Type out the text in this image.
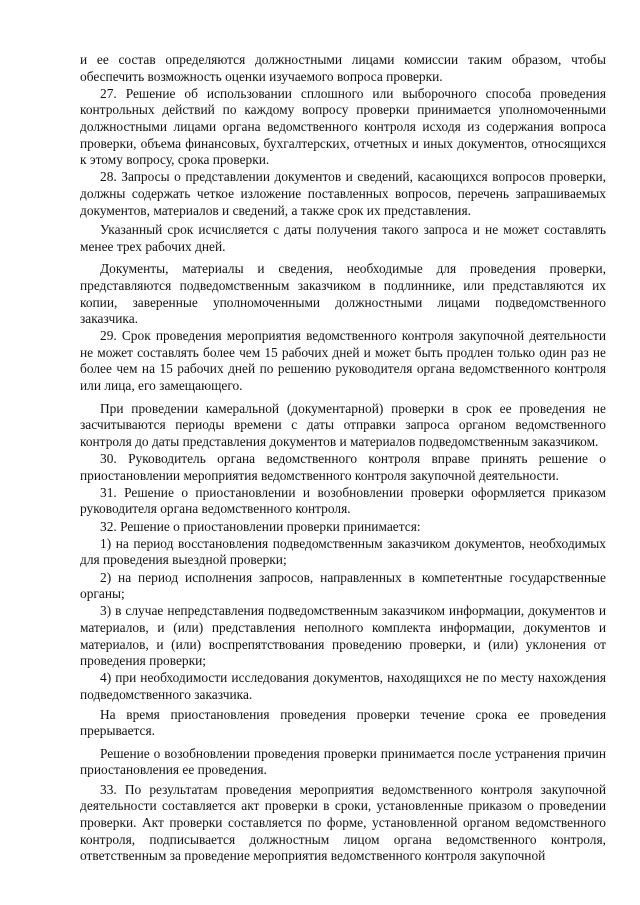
и ее состав определяются должностными лицами комиссии таким образом, чтобы обеспечить возможность оценки изучаемого вопроса проверки.

27. Решение об использовании сплошного или выборочного способа проведения контрольных действий по каждому вопросу проверки принимается уполномоченными должностными лицами органа ведомственного контроля исходя из содержания вопроса проверки, объема финансовых, бухгалтерских, отчетных и иных документов, относящихся к этому вопросу, срока проверки.

28. Запросы о представлении документов и сведений, касающихся вопросов проверки, должны содержать четкое изложение поставленных вопросов, перечень запрашиваемых документов, материалов и сведений, а также срок их представления.

Указанный срок исчисляется с даты получения такого запроса и не может составлять менее трех рабочих дней.

Документы, материалы и сведения, необходимые для проведения проверки, представляются подведомственным заказчиком в подлиннике, или представляются их копии, заверенные уполномоченными должностными лицами подведомственного заказчика.

29. Срок проведения мероприятия ведомственного контроля закупочной деятельности не может составлять более чем 15 рабочих дней и может быть продлен только один раз не более чем на 15 рабочих дней по решению руководителя органа ведомственного контроля или лица, его замещающего.

При проведении камеральной (документарной) проверки в срок ее проведения не засчитываются периоды времени с даты отправки запроса органом ведомственного контроля до даты представления документов и материалов подведомственным заказчиком.

30. Руководитель органа ведомственного контроля вправе принять решение о приостановлении мероприятия ведомственного контроля закупочной деятельности.

31. Решение о приостановлении и возобновлении проверки оформляется приказом руководителя органа ведомственного контроля.

32. Решение о приостановлении проверки принимается:

1) на период восстановления подведомственным заказчиком документов, необходимых для проведения выездной проверки;

2) на период исполнения запросов, направленных в компетентные государственные органы;

3) в случае непредставления подведомственным заказчиком информации, документов и материалов, и (или) представления неполного комплекта информации, документов и материалов, и (или) воспрепятствования проведению проверки, и (или) уклонения от проведения проверки;

4) при необходимости исследования документов, находящихся не по месту нахождения подведомственного заказчика.

На время приостановления проведения проверки течение срока ее проведения прерывается.

Решение о возобновлении проведения проверки принимается после устранения причин приостановления ее проведения.

33. По результатам проведения мероприятия ведомственного контроля закупочной деятельности составляется акт проверки в сроки, установленные приказом о проведении проверки. Акт проверки составляется по форме, установленной органом ведомственного контроля, подписывается должностным лицом органа ведомственного контроля, ответственным за проведение мероприятия ведомственного контроля закупочной
